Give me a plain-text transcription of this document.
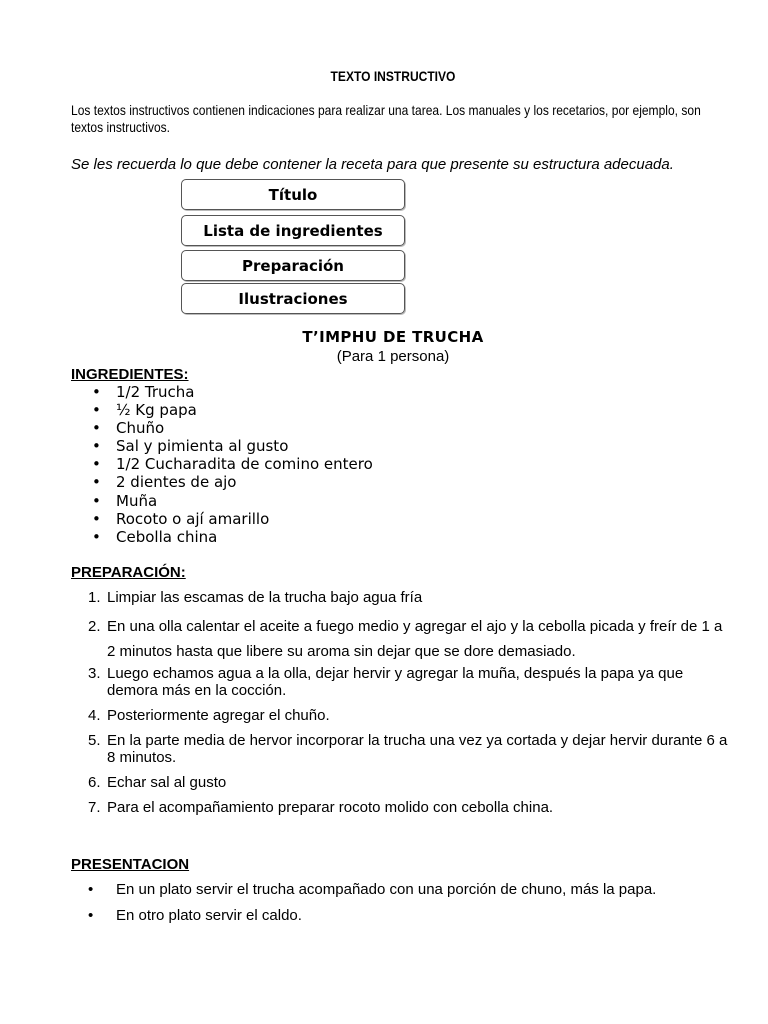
TEXTO INSTRUCTIVO
Los textos instructivos contienen indicaciones para realizar una tarea. Los manuales y los recetarios, por ejemplo, son textos instructivos.
Se les recuerda lo que debe contener la receta para que presente su estructura adecuada.
Título
Lista de ingredientes
Preparación
Ilustraciones
T’IMPHU DE TRUCHA
(Para 1 persona)
INGREDIENTES:
• 1/2 Trucha
• ½ Kg papa
• Chuño
• Sal y pimienta al gusto
• 1/2 Cucharadita de comino entero
• 2 dientes de ajo
• Muña
• Rocoto o ají amarillo
• Cebolla china
PREPARACIÓN:
1. Limpiar las escamas de la trucha bajo agua fría
2. En una olla calentar el aceite a fuego medio y agregar el ajo y la cebolla picada y freír de 1 a 2 minutos hasta que libere su aroma sin dejar que se dore demasiado.
3. Luego echamos agua a la olla, dejar hervir y agregar la muña, después la papa ya que demora más en la cocción.
4. Posteriormente agregar el chuño.
5. En la parte media de hervor incorporar la trucha una vez ya cortada y dejar hervir durante 6 a 8 minutos.
6. Echar sal al gusto
7. Para el acompañamiento preparar rocoto molido con cebolla china.
PRESENTACION
• En un plato servir el trucha acompañado con una porción de chuno, más la papa.
• En otro plato servir el caldo.
